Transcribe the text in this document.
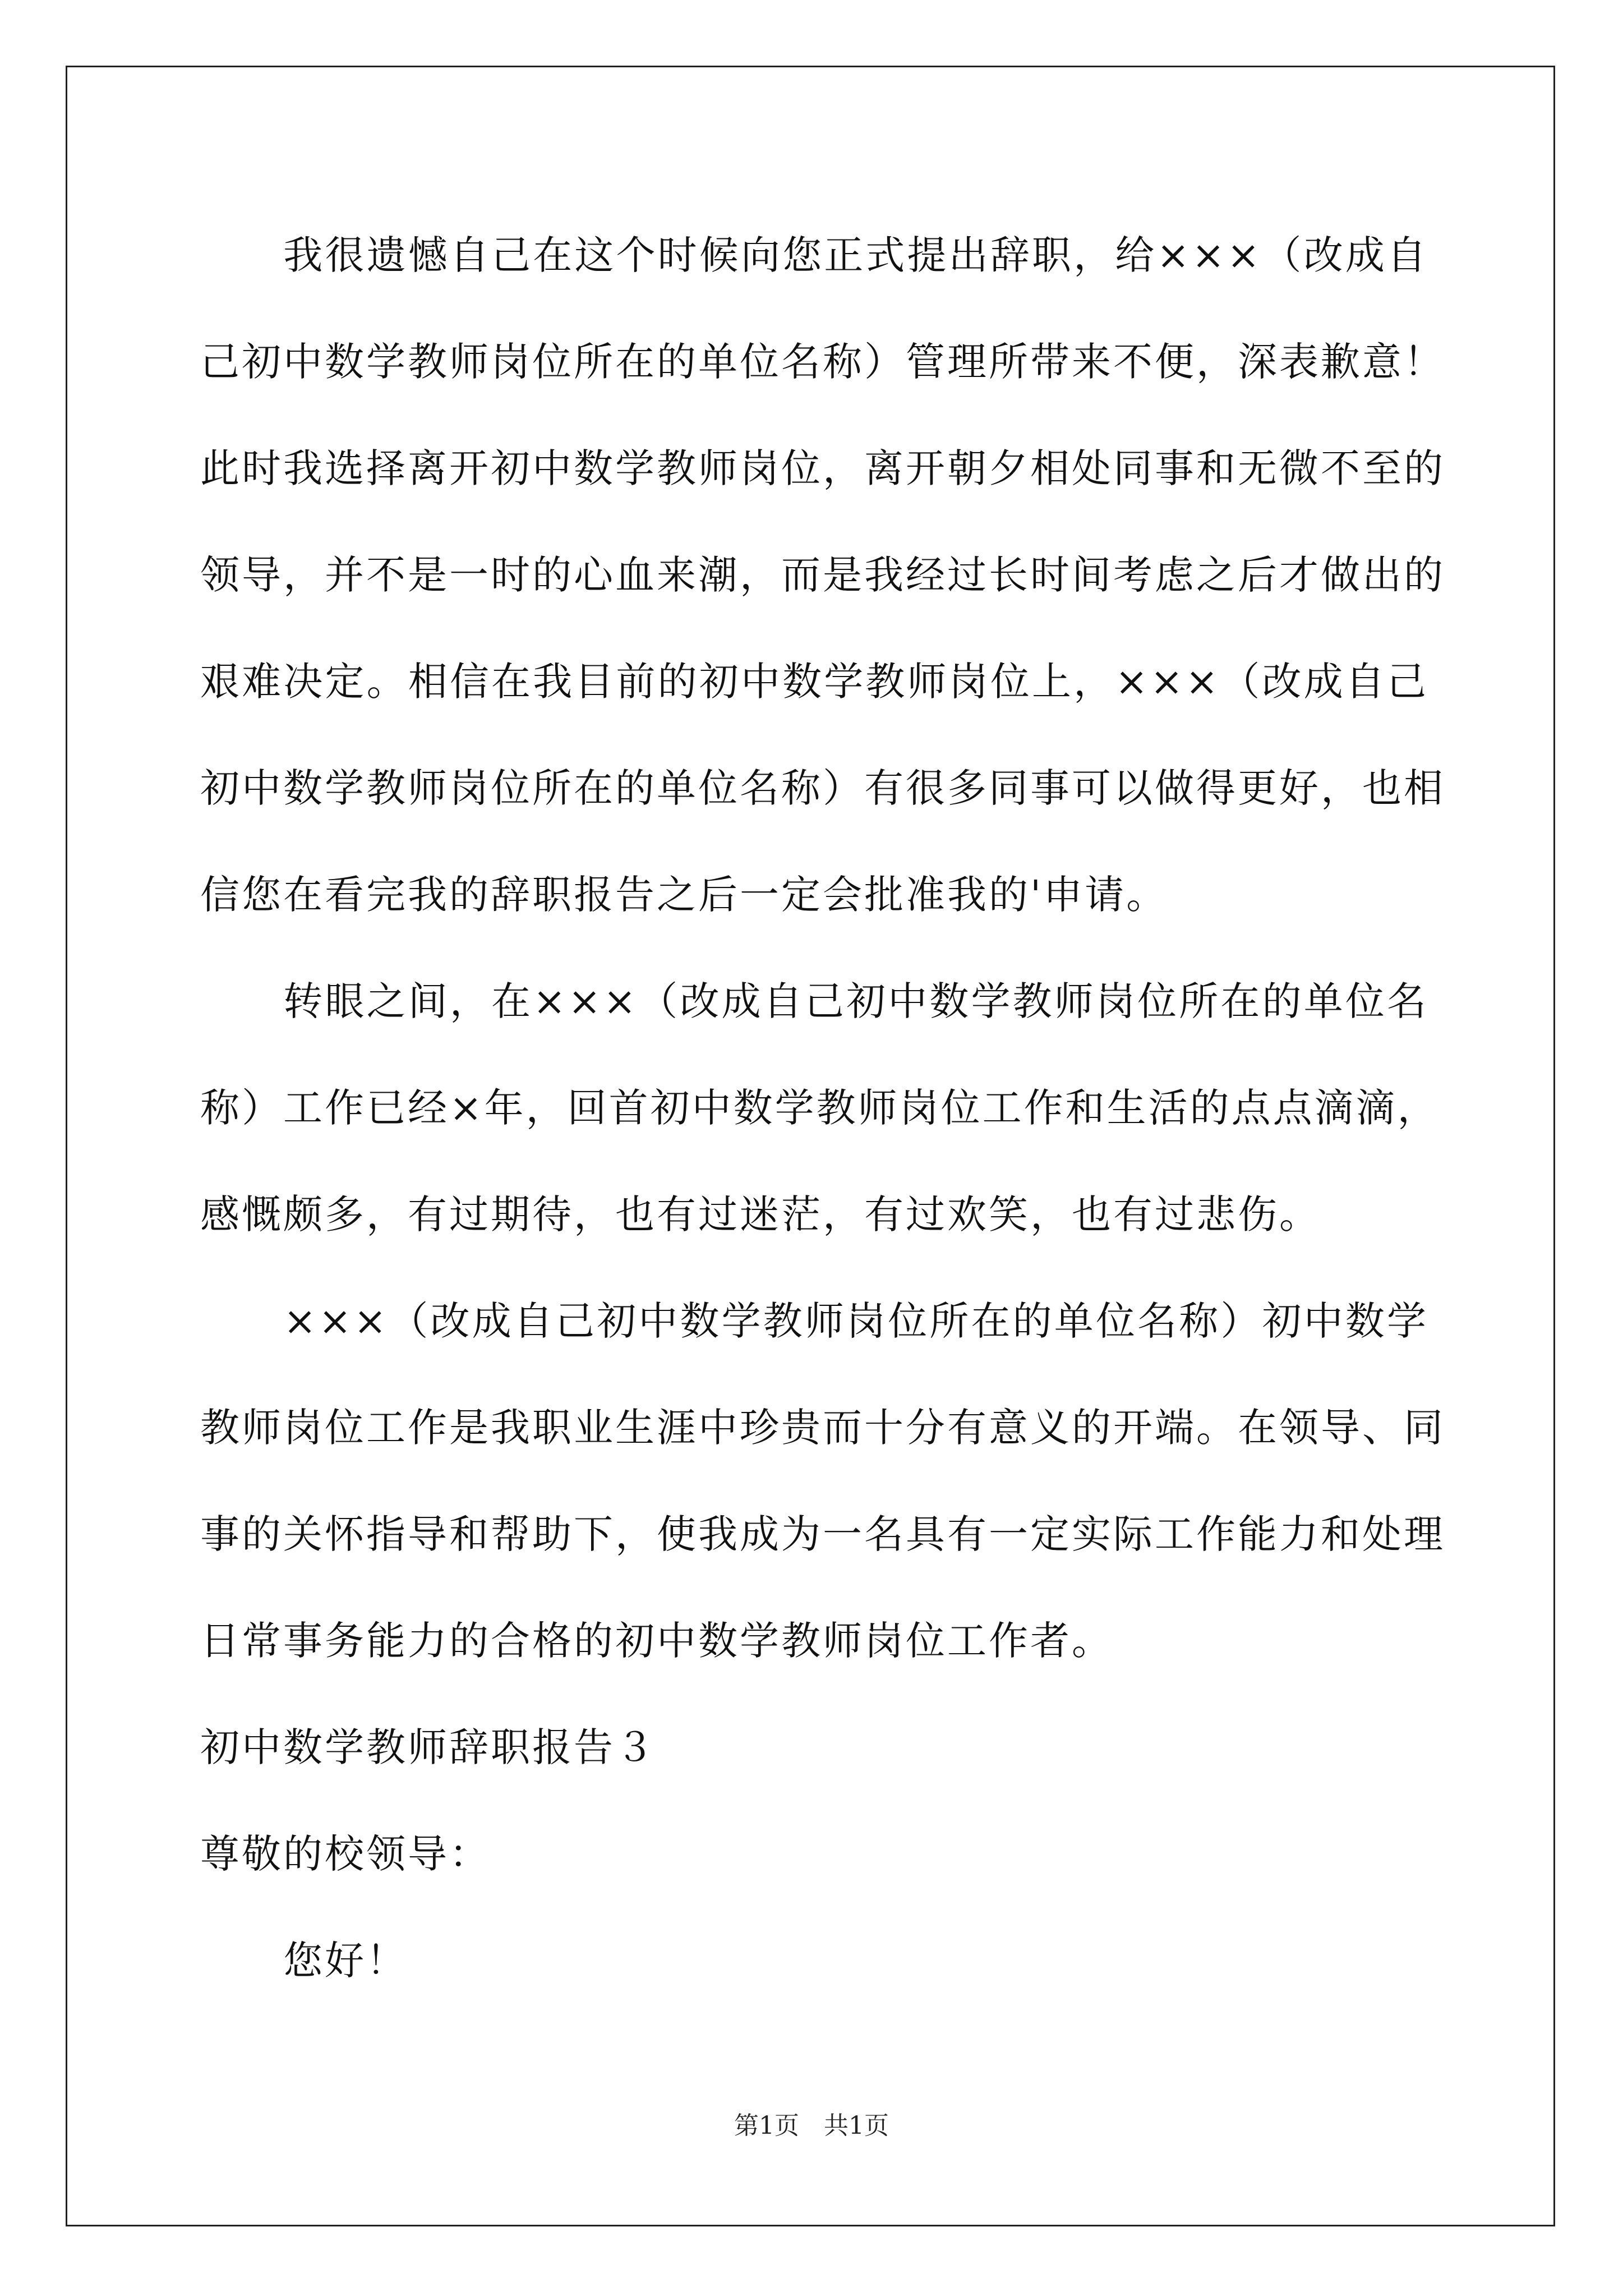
　　我很遗憾自己在这个时候向您正式提出辞职，给×××（改成自
己初中数学教师岗位所在的单位名称）管理所带来不便，深表歉意！
此时我选择离开初中数学教师岗位，离开朝夕相处同事和无微不至的
领导，并不是一时的心血来潮，而是我经过长时间考虑之后才做出的
艰难决定。相信在我目前的初中数学教师岗位上，×××（改成自己
初中数学教师岗位所在的单位名称）有很多同事可以做得更好，也相
信您在看完我的辞职报告之后一定会批准我的'申请。
　　转眼之间，在×××（改成自己初中数学教师岗位所在的单位名
称）工作已经×年，回首初中数学教师岗位工作和生活的点点滴滴，
感慨颇多，有过期待，也有过迷茫，有过欢笑，也有过悲伤。
　　×××（改成自己初中数学教师岗位所在的单位名称）初中数学
教师岗位工作是我职业生涯中珍贵而十分有意义的开端。在领导、同
事的关怀指导和帮助下，使我成为一名具有一定实际工作能力和处理
日常事务能力的合格的初中数学教师岗位工作者。
初中数学教师辞职报告３
尊敬的校领导：
　　您好！
第1页　共1页
